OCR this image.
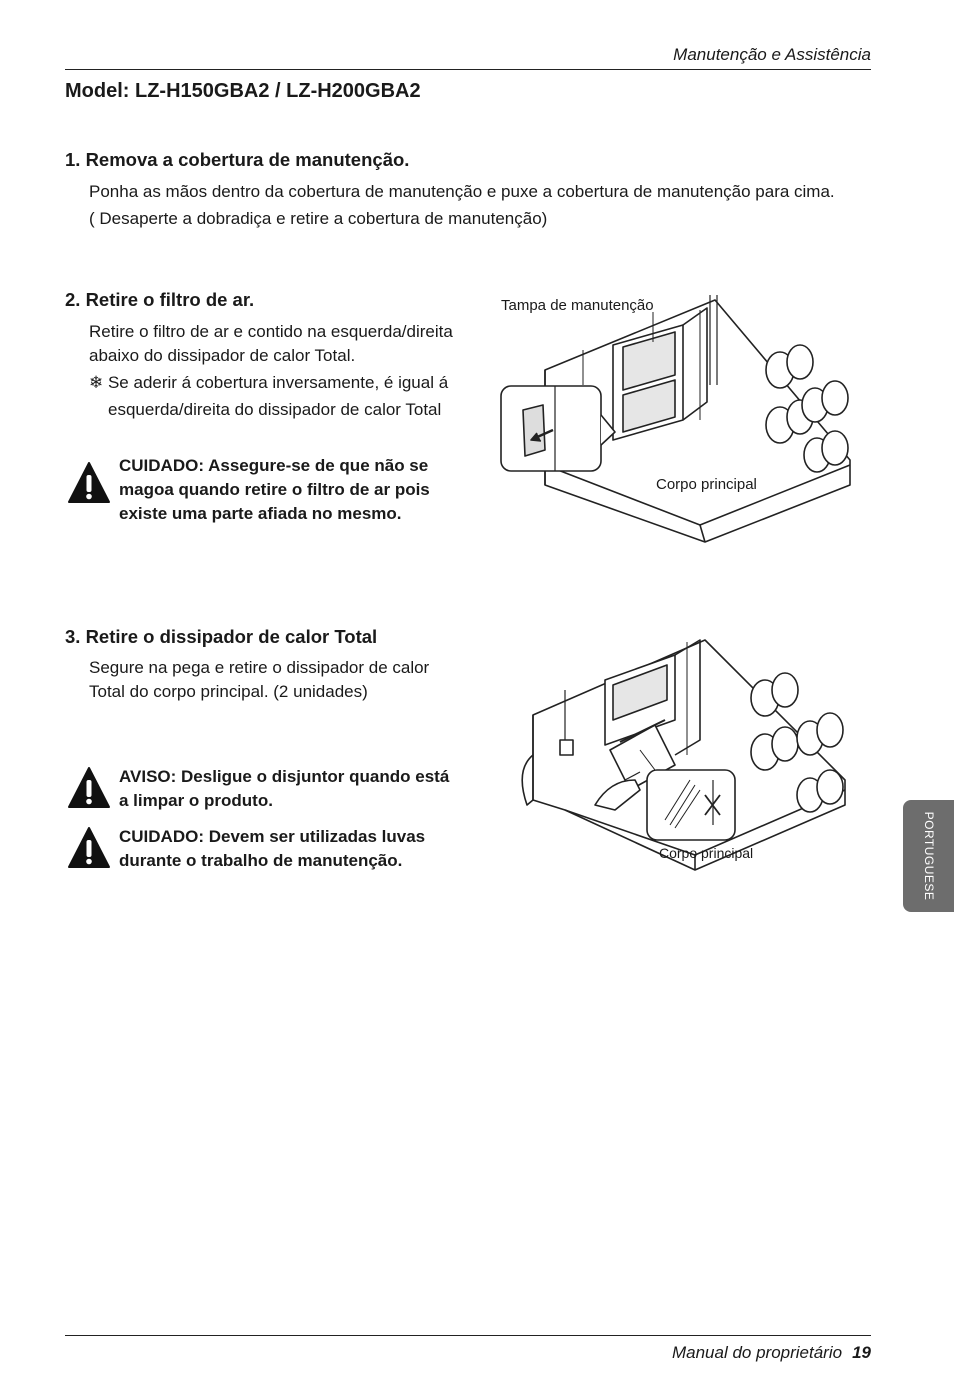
Manutenção e Assistência
Model: LZ-H150GBA2 / LZ-H200GBA2
1. Remova a cobertura de manutenção.
Ponha as mãos dentro da cobertura de manutenção e puxe a cobertura de manutenção para cima.
( Desaperte a dobradiça e retire a cobertura de manutenção)
2. Retire o filtro de ar.
Retire o filtro de ar e contido na esquerda/direita
abaixo do dissipador de calor Total.
❄ Se aderir á cobertura inversamente, é igual á
esquerda/direita do dissipador de calor Total
CUIDADO: Assegure-se de que não se
magoa quando retire o filtro de ar pois
existe uma parte afiada no mesmo.
Tampa de manutenção
Corpo principal
3. Retire o dissipador de calor Total
Segure na pega e retire o dissipador de calor
Total do corpo principal. (2 unidades)
AVISO: Desligue o disjuntor quando está
a limpar o produto.
CUIDADO: Devem ser utilizadas luvas
durante o trabalho de manutenção.	Corpo principal	PORTUGUESE
Manual do proprietário 19
